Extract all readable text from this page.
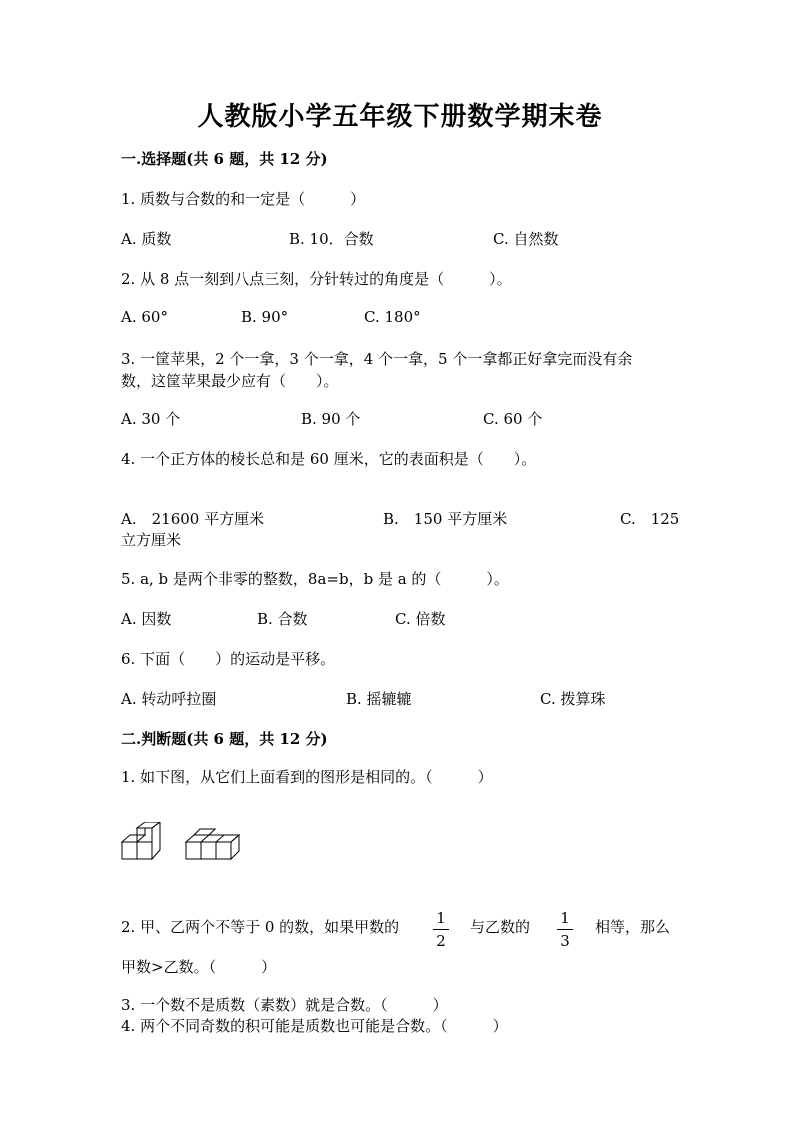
人教版小学五年级下册数学期末卷
一.选择题(共 6 题，共 12 分)
1. 质数与合数的和一定是（　　　）
A. 质数	B. 10．合数	C. 自然数
2. 从 8 点一刻到八点三刻，分针转过的角度是（　　　）。
A. 60°	B. 90°	C. 180°
3. 一筐苹果，2 个一拿，3 个一拿，4 个一拿，5 个一拿都正好拿完而没有余
数，这筐苹果最少应有（　　）。
A. 30 个	B. 90 个	C. 60 个
4. 一个正方体的棱长总和是 60 厘米，它的表面积是（　　）。
A.　21600 平方厘米	B.　150 平方厘米	C.　125
立方厘米
5. a, b 是两个非零的整数，8a=b，b 是 a 的（　　　）。
A. 因数	B. 合数	C. 倍数
6. 下面（　　）的运动是平移。
A. 转动呼拉圈	B. 摇辘辘	C. 拨算珠
二.判断题(共 6 题，共 12 分)
1. 如下图，从它们上面看到的图形是相同的。（　　　）
2. 甲、乙两个不等于 0 的数，如果甲数的 1
2
与乙数的 1
3
相等，那么
甲数>乙数。（　　　）
3. 一个数不是质数（素数）就是合数。（　　　）
4. 两个不同奇数的积可能是质数也可能是合数。（　　　）
